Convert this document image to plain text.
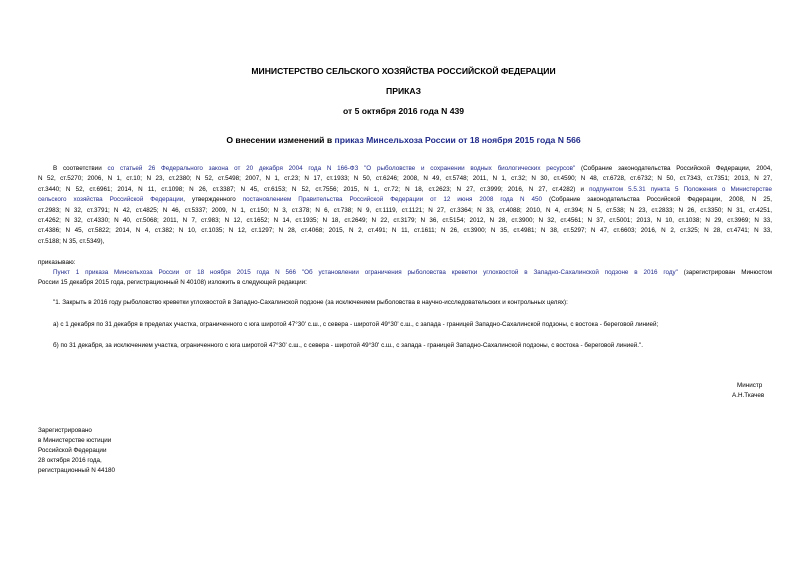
МИНИСТЕРСТВО СЕЛЬСКОГО ХОЗЯЙСТВА РОССИЙСКОЙ ФЕДЕРАЦИИ
ПРИКАЗ
от 5 октября 2016 года N 439
О внесении изменений в приказ Минсельхоза России от 18 ноября 2015 года N 566
В соответствии со статьей 26 Федерального закона от 20 декабря 2004 года N 166-ФЗ "О рыболовстве и сохранении водных биологических ресурсов" (Собрание законодательства Российской Федерации, 2004,
N 52, ст.5270; 2006, N 1, ст.10; N 23, ст.2380; N 52, ст.5498; 2007, N 1, ст.23; N 17, ст.1933; N 50, ст.6246; 2008, N 49, ст.5748; 2011, N 1, ст.32; N 30, ст.4590; N 48, ст.6728, ст.6732; N 50, ст.7343, ст.7351; 2013, N 27,
ст.3440; N 52, ст.6961; 2014, N 11, ст.1098; N 26, ст.3387; N 45, ст.6153; N 52, ст.7556; 2015, N 1, ст.72; N 18, ст.2623; N 27, ст.3999; 2016, N 27, ст.4282) и подпунктом 5.5.31 пункта 5 Положения о Министерстве
сельского хозяйства Российской Федерации, утвержденного постановлением Правительства Российской Федерации от 12 июня 2008 года N 450 (Собрание законодательства Российской Федерации, 2008, N 25,
ст.2983; N 32, ст.3791; N 42, ст.4825; N 46, ст.5337; 2009, N 1, ст.150; N 3, ст.378; N 6, ст.738; N 9, ст.1119, ст.1121; N 27, ст.3364; N 33, ст.4088; 2010, N 4, ст.394; N 5, ст.538; N 23, ст.2833; N 26, ст.3350; N 31, ст.4251,
ст.4262; N 32, ст.4330; N 40, ст.5068; 2011, N 7, ст.983; N 12, ст.1652; N 14, ст.1935; N 18, ст.2649; N 22, ст.3179; N 36, ст.5154; 2012, N 28, ст.3900; N 32, ст.4561; N 37, ст.5001; 2013, N 10, ст.1038; N 29, ст.3969; N 33,
ст.4386; N 45, ст.5822; 2014, N 4, ст.382; N 10, ст.1035; N 12, ст.1297; N 28, ст.4068; 2015, N 2, ст.491; N 11, ст.1611; N 26, ст.3900; N 35, ст.4981; N 38, ст.5297; N 47, ст.6603; 2016, N 2, ст.325; N 28, ст.4741; N 33,
ст.5188; N 35, ст.5349),
приказываю:
Пункт 1 приказа Минсельхоза России от 18 ноября 2015 года N 566 "Об установлении ограничения рыболовства креветки углохвостой в Западно-Сахалинской подзоне в 2016 году" (зарегистрирован Минюстом
России 15 декабря 2015 года, регистрационный N 40108) изложить в следующей редакции:
"1. Закрыть в 2016 году рыболовство креветки углохвостой в Западно-Сахалинской подзоне (за исключением рыболовства в научно-исследовательских и контрольных целях):
а) с 1 декабря по 31 декабря в пределах участка, ограниченного с юга широтой 47°30' с.ш., с севера - широтой 49°30' с.ш., с запада - границей Западно-Сахалинской подзоны, с востока - береговой линией;
б) по 31 декабря, за исключением участка, ограниченного с юга широтой 47°30' с.ш., с севера - широтой 49°30' с.ш., с запада - границей Западно-Сахалинской подзоны, с востока - береговой линией.".
Министр
А.Н.Ткачев
Зарегистрировано
в Министерстве юстиции
Российской Федерации
28 октября 2016 года,
регистрационный N 44180
